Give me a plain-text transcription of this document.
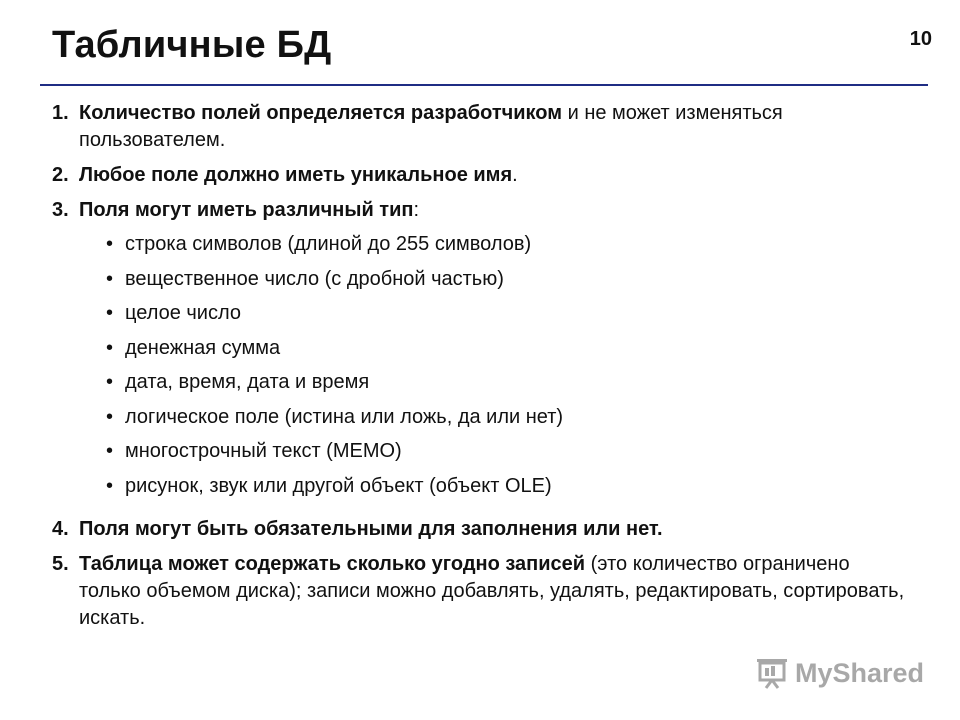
Табличные БД	10
1. Количество полей определяется разработчиком и не может изменяться пользователем.
2. Любое поле должно иметь уникальное имя.
3. Поля могут иметь различный тип:
• строка символов (длиной до 255 символов)
• вещественное число (с дробной частью)
• целое число
• денежная сумма
• дата, время, дата и время
• логическое поле (истина или ложь, да или нет)
• многострочный текст (МЕМО)
• рисунок, звук или другой объект (объект OLE)
4. Поля могут быть обязательными для заполнения или нет.
5. Таблица может содержать сколько угодно записей (это количество ограничено только объемом диска); записи можно добавлять, удалять, редактировать, сортировать, искать.
MyShared
